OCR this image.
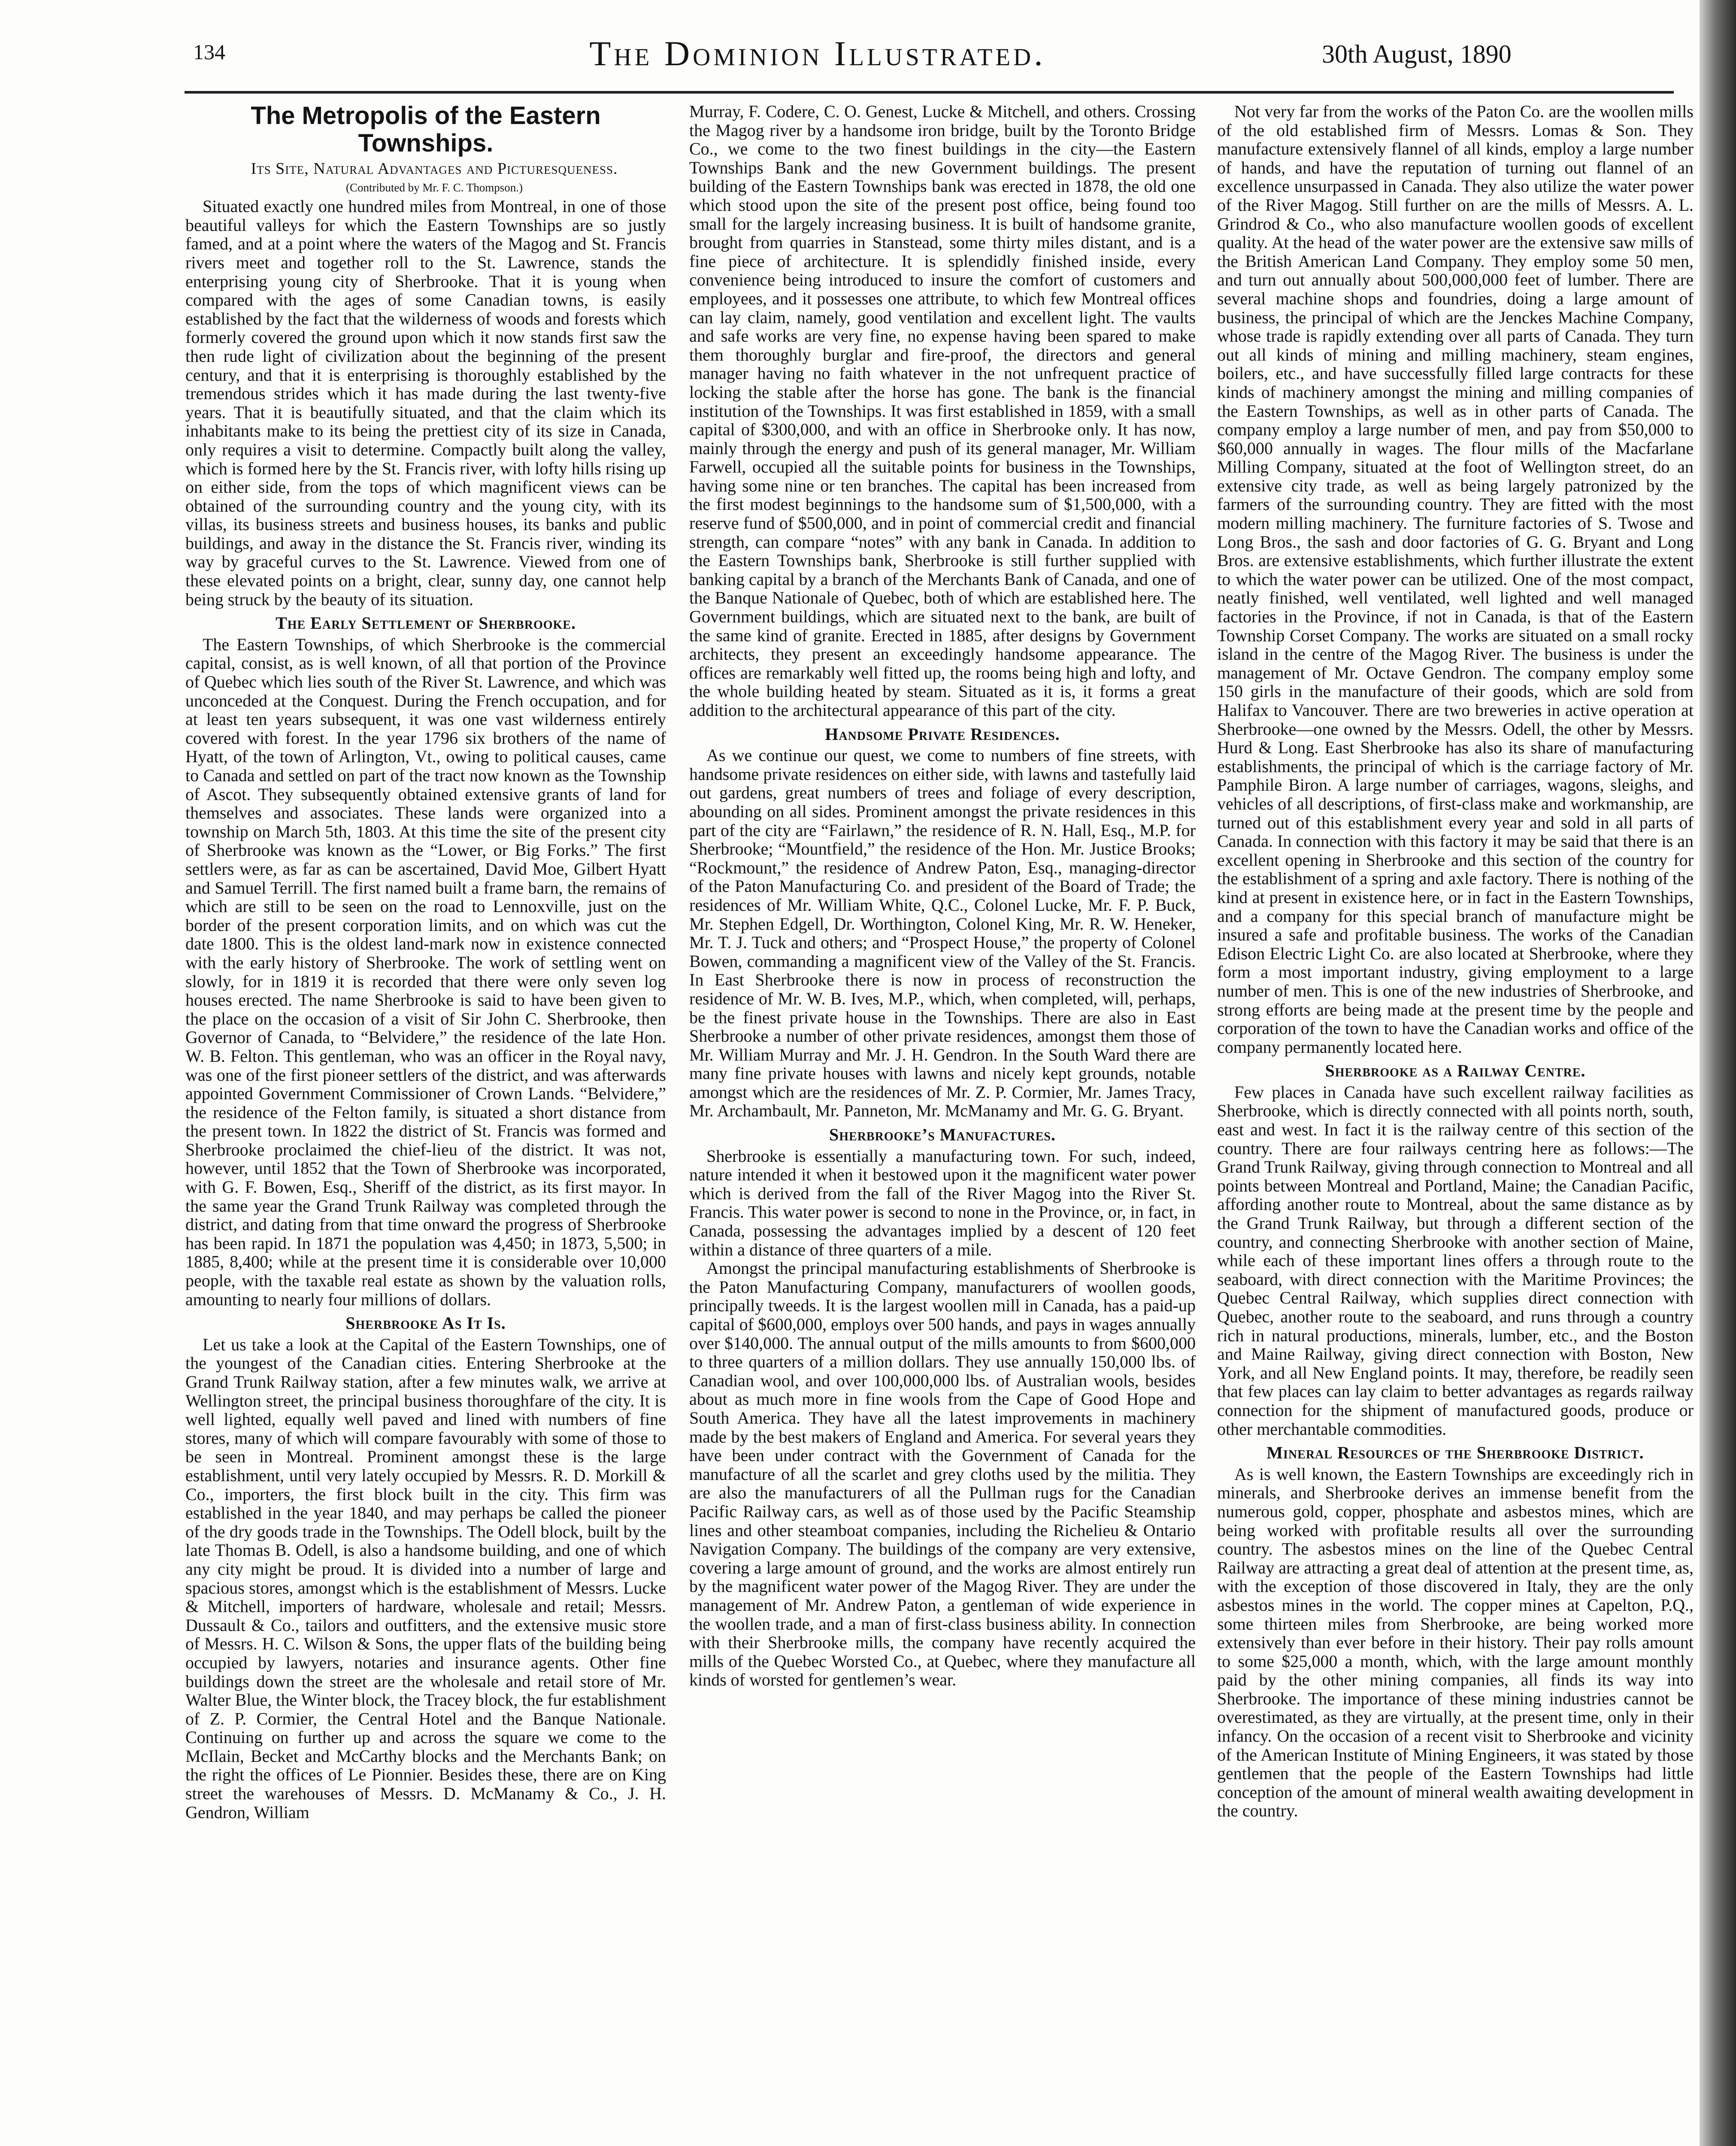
134	The Dominion Illustrated.	30th August, 1890
The Metropolis of the Eastern Townships.

Its Site, Natural Advantages and Picturesqueness.

(Contributed by Mr. F. C. Thompson.)

Situated exactly one hundred miles from Montreal, in one of those beautiful valleys for which the Eastern Townships are so justly famed, and at a point where the waters of the Magog and St. Francis rivers meet and together roll to the St. Lawrence, stands the enterprising young city of Sherbrooke. That it is young when compared with the ages of some Canadian towns, is easily established by the fact that the wilderness of woods and forests which formerly covered the ground upon which it now stands first saw the then rude light of civilization about the beginning of the present century, and that it is enterprising is thoroughly established by the tremendous strides which it has made during the last twenty-five years. That it is beautifully situated, and that the claim which its inhabitants make to its being the prettiest city of its size in Canada, only requires a visit to determine. Compactly built along the valley, which is formed here by the St. Francis river, with lofty hills rising up on either side, from the tops of which magnificent views can be obtained of the surrounding country and the young city, with its villas, its business streets and business houses, its banks and public buildings, and away in the distance the St. Francis river, winding its way by graceful curves to the St. Lawrence. Viewed from one of these elevated points on a bright, clear, sunny day, one cannot help being struck by the beauty of its situation.

The Early Settlement of Sherbrooke.

The Eastern Townships, of which Sherbrooke is the commercial capital, consist, as is well known, of all that portion of the Province of Quebec which lies south of the River St. Lawrence, and which was unconceded at the Conquest. During the French occupation, and for at least ten years subsequent, it was one vast wilderness entirely covered with forest. In the year 1796 six brothers of the name of Hyatt, of the town of Arlington, Vt., owing to political causes, came to Canada and settled on part of the tract now known as the Township of Ascot. They subsequently obtained extensive grants of land for themselves and associates. These lands were organized into a township on March 5th, 1803. At this time the site of the present city of Sherbrooke was known as the “Lower, or Big Forks.” The first settlers were, as far as can be ascertained, David Moe, Gilbert Hyatt and Samuel Terrill. The first named built a frame barn, the remains of which are still to be seen on the road to Lennoxville, just on the border of the present corporation limits, and on which was cut the date 1800. This is the oldest land-mark now in existence connected with the early history of Sherbrooke. The work of settling went on slowly, for in 1819 it is recorded that there were only seven log houses erected. The name Sherbrooke is said to have been given to the place on the occasion of a visit of Sir John C. Sherbrooke, then Governor of Canada, to “Belvidere,” the residence of the late Hon. W. B. Felton. This gentleman, who was an officer in the Royal navy, was one of the first pioneer settlers of the district, and was afterwards appointed Government Commissioner of Crown Lands. “Belvidere,” the residence of the Felton family, is situated a short distance from the present town. In 1822 the district of St. Francis was formed and Sherbrooke proclaimed the chief-lieu of the district. It was not, however, until 1852 that the Town of Sherbrooke was incorporated, with G. F. Bowen, Esq., Sheriff of the district, as its first mayor. In the same year the Grand Trunk Railway was completed through the district, and dating from that time onward the progress of Sherbrooke has been rapid. In 1871 the population was 4,450; in 1873, 5,500; in 1885, 8,400; while at the present time it is considerable over 10,000 people, with the taxable real estate as shown by the valuation rolls, amounting to nearly four millions of dollars.

Sherbrooke As It Is.

Let us take a look at the Capital of the Eastern Townships, one of the youngest of the Canadian cities. Entering Sherbrooke at the Grand Trunk Railway station, after a few minutes walk, we arrive at Wellington street, the principal business thoroughfare of the city. It is well lighted, equally well paved and lined with numbers of fine stores, many of which will compare favourably with some of those to be seen in Montreal. Prominent amongst these is the large establishment, until very lately occupied by Messrs. R. D. Morkill & Co., importers, the first block built in the city. This firm was established in the year 1840, and may perhaps be called the pioneer of the dry goods trade in the Townships. The Odell block, built by the late Thomas B. Odell, is also a handsome building, and one of which any city might be proud. It is divided into a number of large and spacious stores, amongst which is the establishment of Messrs. Lucke & Mitchell, importers of hardware, wholesale and retail; Messrs. Dussault & Co., tailors and outfitters, and the extensive music store of Messrs. H. C. Wilson & Sons, the upper flats of the building being occupied by lawyers, notaries and insurance agents. Other fine buildings down the street are the wholesale and retail store of Mr. Walter Blue, the Winter block, the Tracey block, the fur establishment of Z. P. Cormier, the Central Hotel and the Banque Nationale. Continuing on further up and across the square we come to the McIlain, Becket and McCarthy blocks and the Merchants Bank; on the right the offices of Le Pionnier. Besides these, there are on King street the warehouses of Messrs. D. McManamy & Co., J. H. Gendron, William

Murray, F. Codere, C. O. Genest, Lucke & Mitchell, and others. Crossing the Magog river by a handsome iron bridge, built by the Toronto Bridge Co., we come to the two finest buildings in the city—the Eastern Townships Bank and the new Government buildings. The present building of the Eastern Townships bank was erected in 1878, the old one which stood upon the site of the present post office, being found too small for the largely increasing business. It is built of handsome granite, brought from quarries in Stanstead, some thirty miles distant, and is a fine piece of architecture. It is splendidly finished inside, every convenience being introduced to insure the comfort of customers and employees, and it possesses one attribute, to which few Montreal offices can lay claim, namely, good ventilation and excellent light. The vaults and safe works are very fine, no expense having been spared to make them thoroughly burglar and fire-proof, the directors and general manager having no faith whatever in the not unfrequent practice of locking the stable after the horse has gone. The bank is the financial institution of the Townships. It was first established in 1859, with a small capital of $300,000, and with an office in Sherbrooke only. It has now, mainly through the energy and push of its general manager, Mr. William Farwell, occupied all the suitable points for business in the Townships, having some nine or ten branches. The capital has been increased from the first modest beginnings to the handsome sum of $1,500,000, with a reserve fund of $500,000, and in point of commercial credit and financial strength, can compare “notes” with any bank in Canada. In addition to the Eastern Townships bank, Sherbrooke is still further supplied with banking capital by a branch of the Merchants Bank of Canada, and one of the Banque Nationale of Quebec, both of which are established here. The Government buildings, which are situated next to the bank, are built of the same kind of granite. Erected in 1885, after designs by Government architects, they present an exceedingly handsome appearance. The offices are remarkably well fitted up, the rooms being high and lofty, and the whole building heated by steam. Situated as it is, it forms a great addition to the architectural appearance of this part of the city.

Handsome Private Residences.

As we continue our quest, we come to numbers of fine streets, with handsome private residences on either side, with lawns and tastefully laid out gardens, great numbers of trees and foliage of every description, abounding on all sides. Prominent amongst the private residences in this part of the city are “Fairlawn,” the residence of R. N. Hall, Esq., M.P. for Sherbrooke; “Mountfield,” the residence of the Hon. Mr. Justice Brooks; “Rockmount,” the residence of Andrew Paton, Esq., managing-director of the Paton Manufacturing Co. and president of the Board of Trade; the residences of Mr. William White, Q.C., Colonel Lucke, Mr. F. P. Buck, Mr. Stephen Edgell, Dr. Worthington, Colonel King, Mr. R. W. Heneker, Mr. T. J. Tuck and others; and “Prospect House,” the property of Colonel Bowen, commanding a magnificent view of the Valley of the St. Francis. In East Sherbrooke there is now in process of reconstruction the residence of Mr. W. B. Ives, M.P., which, when completed, will, perhaps, be the finest private house in the Townships. There are also in East Sherbrooke a number of other private residences, amongst them those of Mr. William Murray and Mr. J. H. Gendron. In the South Ward there are many fine private houses with lawns and nicely kept grounds, notable amongst which are the residences of Mr. Z. P. Cormier, Mr. James Tracy, Mr. Archambault, Mr. Panneton, Mr. McManamy and Mr. G. G. Bryant.

Sherbrooke’s Manufactures.

Sherbrooke is essentially a manufacturing town. For such, indeed, nature intended it when it bestowed upon it the magnificent water power which is derived from the fall of the River Magog into the River St. Francis. This water power is second to none in the Province, or, in fact, in Canada, possessing the advantages implied by a descent of 120 feet within a distance of three quarters of a mile.

Amongst the principal manufacturing establishments of Sherbrooke is the Paton Manufacturing Company, manufacturers of woollen goods, principally tweeds. It is the largest woollen mill in Canada, has a paid-up capital of $600,000, employs over 500 hands, and pays in wages annually over $140,000. The annual output of the mills amounts to from $600,000 to three quarters of a million dollars. They use annually 150,000 lbs. of Canadian wool, and over 100,000,000 lbs. of Australian wools, besides about as much more in fine wools from the Cape of Good Hope and South America. They have all the latest improvements in machinery made by the best makers of England and America. For several years they have been under contract with the Government of Canada for the manufacture of all the scarlet and grey cloths used by the militia. They are also the manufacturers of all the Pullman rugs for the Canadian Pacific Railway cars, as well as of those used by the Pacific Steamship lines and other steamboat companies, including the Richelieu & Ontario Navigation Company. The buildings of the company are very extensive, covering a large amount of ground, and the works are almost entirely run by the magnificent water power of the Magog River. They are under the management of Mr. Andrew Paton, a gentleman of wide experience in the woollen trade, and a man of first-class business ability. In connection with their Sherbrooke mills, the company have recently acquired the mills of the Quebec Worsted Co., at Quebec, where they manufacture all kinds of worsted for gentlemen’s wear.

Not very far from the works of the Paton Co. are the woollen mills of the old established firm of Messrs. Lomas & Son. They manufacture extensively flannel of all kinds, employ a large number of hands, and have the reputation of turning out flannel of an excellence unsurpassed in Canada. They also utilize the water power of the River Magog. Still further on are the mills of Messrs. A. L. Grindrod & Co., who also manufacture woollen goods of excellent quality. At the head of the water power are the extensive saw mills of the British American Land Company. They employ some 50 men, and turn out annually about 500,000,000 feet of lumber. There are several machine shops and foundries, doing a large amount of business, the principal of which are the Jenckes Machine Company, whose trade is rapidly extending over all parts of Canada. They turn out all kinds of mining and milling machinery, steam engines, boilers, etc., and have successfully filled large contracts for these kinds of machinery amongst the mining and milling companies of the Eastern Townships, as well as in other parts of Canada. The company employ a large number of men, and pay from $50,000 to $60,000 annually in wages. The flour mills of the Macfarlane Milling Company, situated at the foot of Wellington street, do an extensive city trade, as well as being largely patronized by the farmers of the surrounding country. They are fitted with the most modern milling machinery. The furniture factories of S. Twose and Long Bros., the sash and door factories of G. G. Bryant and Long Bros. are extensive establishments, which further illustrate the extent to which the water power can be utilized. One of the most compact, neatly finished, well ventilated, well lighted and well managed factories in the Province, if not in Canada, is that of the Eastern Township Corset Company. The works are situated on a small rocky island in the centre of the Magog River. The business is under the management of Mr. Octave Gendron. The company employ some 150 girls in the manufacture of their goods, which are sold from Halifax to Vancouver. There are two breweries in active operation at Sherbrooke—one owned by the Messrs. Odell, the other by Messrs. Hurd & Long. East Sherbrooke has also its share of manufacturing establishments, the principal of which is the carriage factory of Mr. Pamphile Biron. A large number of carriages, wagons, sleighs, and vehicles of all descriptions, of first-class make and workmanship, are turned out of this establishment every year and sold in all parts of Canada. In connection with this factory it may be said that there is an excellent opening in Sherbrooke and this section of the country for the establishment of a spring and axle factory. There is nothing of the kind at present in existence here, or in fact in the Eastern Townships, and a company for this special branch of manufacture might be insured a safe and profitable business. The works of the Canadian Edison Electric Light Co. are also located at Sherbrooke, where they form a most important industry, giving employment to a large number of men. This is one of the new industries of Sherbrooke, and strong efforts are being made at the present time by the people and corporation of the town to have the Canadian works and office of the company permanently located here.

Sherbrooke as a Railway Centre.

Few places in Canada have such excellent railway facilities as Sherbrooke, which is directly connected with all points north, south, east and west. In fact it is the railway centre of this section of the country. There are four railways centring here as follows:—The Grand Trunk Railway, giving through connection to Montreal and all points between Montreal and Portland, Maine; the Canadian Pacific, affording another route to Montreal, about the same distance as by the Grand Trunk Railway, but through a different section of the country, and connecting Sherbrooke with another section of Maine, while each of these important lines offers a through route to the seaboard, with direct connection with the Maritime Provinces; the Quebec Central Railway, which supplies direct connection with Quebec, another route to the seaboard, and runs through a country rich in natural productions, minerals, lumber, etc., and the Boston and Maine Railway, giving direct connection with Boston, New York, and all New England points. It may, therefore, be readily seen that few places can lay claim to better advantages as regards railway connection for the shipment of manufactured goods, produce or other merchantable commodities.

Mineral Resources of the Sherbrooke District.

As is well known, the Eastern Townships are exceedingly rich in minerals, and Sherbrooke derives an immense benefit from the numerous gold, copper, phosphate and asbestos mines, which are being worked with profitable results all over the surrounding country. The asbestos mines on the line of the Quebec Central Railway are attracting a great deal of attention at the present time, as, with the exception of those discovered in Italy, they are the only asbestos mines in the world. The copper mines at Capelton, P.Q., some thirteen miles from Sherbrooke, are being worked more extensively than ever before in their history. Their pay rolls amount to some $25,000 a month, which, with the large amount monthly paid by the other mining companies, all finds its way into Sherbrooke. The importance of these mining industries cannot be overestimated, as they are virtually, at the present time, only in their infancy. On the occasion of a recent visit to Sherbrooke and vicinity of the American Institute of Mining Engineers, it was stated by those gentlemen that the people of the Eastern Townships had little conception of the amount of mineral wealth awaiting development in the country.
